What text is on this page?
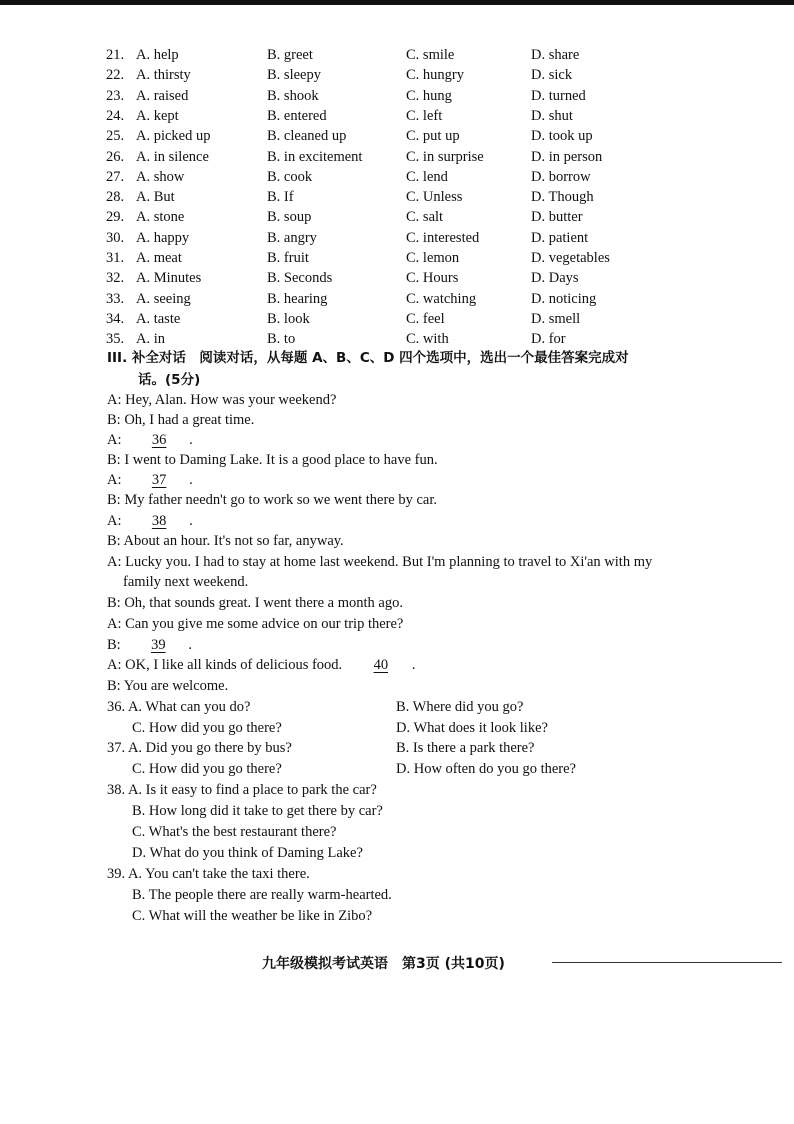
21. A. help	B. greet	C. smile	D. share
22. A. thirsty	B. sleepy	C. hungry	D. sick
23. A. raised	B. shook	C. hung	D. turned
24. A. kept	B. entered	C. left	D. shut
25. A. picked up	B. cleaned up	C. put up	D. took up
26. A. in silence	B. in excitement	C. in surprise	D. in person
27. A. show	B. cook	C. lend	D. borrow
28. A. But	B. If	C. Unless	D. Though
29. A. stone	B. soup	C. salt	D. butter
30. A. happy	B. angry	C. interested	D. patient
31. A. meat	B. fruit	C. lemon	D. vegetables
32. A. Minutes	B. Seconds	C. Hours	D. Days
33. A. seeing	B. hearing	C. watching	D. noticing
34. A. taste	B. look	C. feel	D. smell
35. A. in	B. to	C. with	D. for
III. 补全对话　阅读对话，从每题 A、B、C、D 四个选项中，选出一个最佳答案完成对
话。(5分)
A: Hey, Alan. How was your weekend?
B: Oh, I had a great time.
A: 36 .
B: I went to Daming Lake. It is a good place to have fun.
A: 37 .
B: My father needn't go to work so we went there by car.
A: 38 .
B: About an hour. It's not so far, anyway.
A: Lucky you. I had to stay at home last weekend. But I'm planning to travel to Xi'an with my
family next weekend.
B: Oh, that sounds great. I went there a month ago.
A: Can you give me some advice on our trip there?
B: 39 .
A: OK, I like all kinds of delicious food. 40 .
B: You are welcome.
36. A. What can you do?	B. Where did you go?
C. How did you go there?	D. What does it look like?
37. A. Did you go there by bus?	B. Is there a park there?
C. How did you go there?	D. How often do you go there?
38. A. Is it easy to find a place to park the car?
B. How long did it take to get there by car?
C. What's the best restaurant there?
D. What do you think of Daming Lake?
39. A. You can't take the taxi there.
B. The people there are really warm-hearted.
C. What will the weather be like in Zibo?
九年级模拟考试英语　第3页 (共10页)
